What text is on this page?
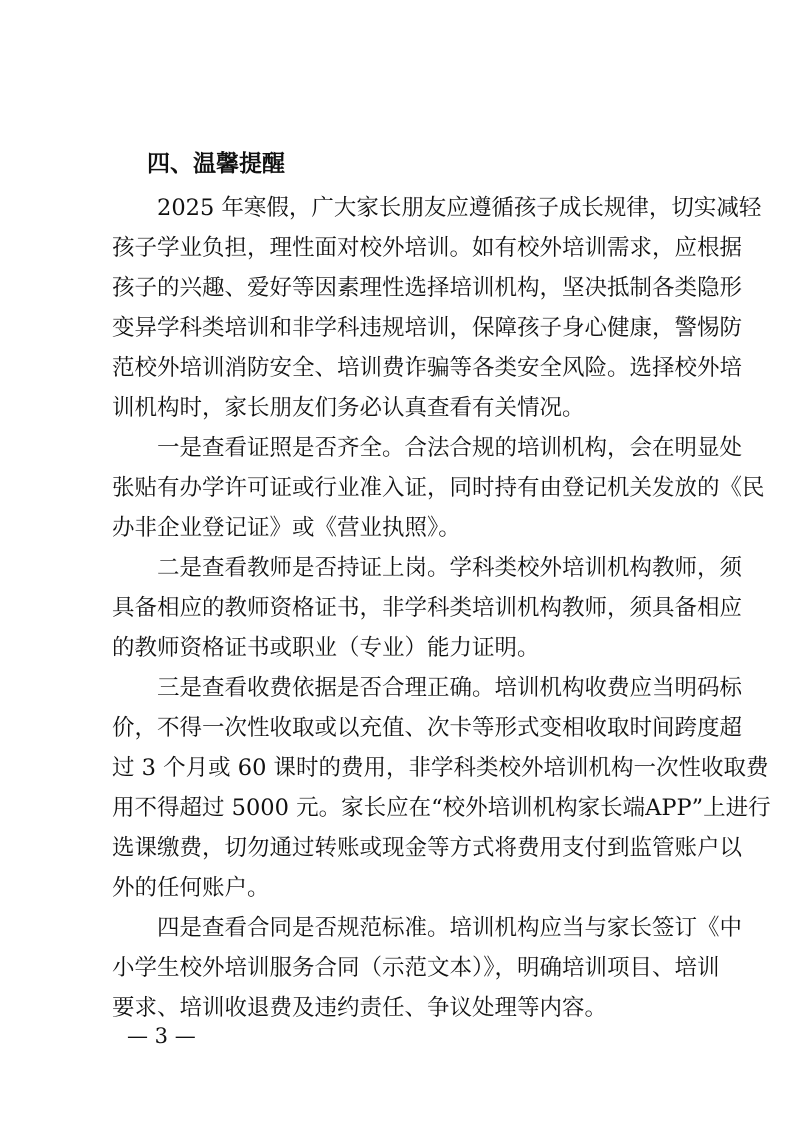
四、温馨提醒
2025 年寒假，广大家长朋友应遵循孩子成长规律，切实减轻
孩子学业负担，理性面对校外培训。如有校外培训需求，应根据
孩子的兴趣、爱好等因素理性选择培训机构，坚决抵制各类隐形
变异学科类培训和非学科违规培训，保障孩子身心健康，警惕防
范校外培训消防安全、培训费诈骗等各类安全风险。选择校外培
训机构时，家长朋友们务必认真查看有关情况。
一是查看证照是否齐全。合法合规的培训机构，会在明显处
张贴有办学许可证或行业准入证，同时持有由登记机关发放的《民
办非企业登记证》或《营业执照》。
二是查看教师是否持证上岗。学科类校外培训机构教师，须
具备相应的教师资格证书，非学科类培训机构教师，须具备相应
的教师资格证书或职业（专业）能力证明。
三是查看收费依据是否合理正确。培训机构收费应当明码标
价，不得一次性收取或以充值、次卡等形式变相收取时间跨度超
过 3 个月或 60 课时的费用，非学科类校外培训机构一次性收取费
用不得超过 5000 元。家长应在“校外培训机构家长端APP”上进行
选课缴费，切勿通过转账或现金等方式将费用支付到监管账户以
外的任何账户。
四是查看合同是否规范标准。培训机构应当与家长签订《中
小学生校外培训服务合同（示范文本）》，明确培训项目、培训
要求、培训收退费及违约责任、争议处理等内容。
— 3 —
